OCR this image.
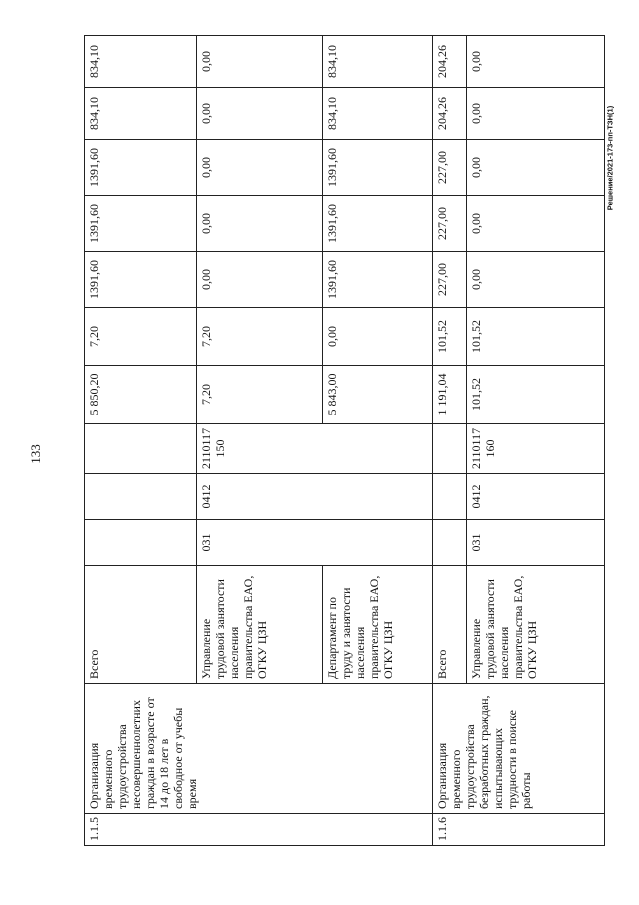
133
Решение/2021-173-пп-ТЗН(1)
1.1.5	Организация временного трудоустройства несовершеннолетних граждан в возрасте от 14 до 18 лет в свободное от учебы время	Всего				5 850,20	7,20	1391,60	1391,60	1391,60	834,10	834,10
		Управление трудовой занятости населения правительства ЕАО, ОГКУ ЦЗН	031	0412	2110117 150	7,20	7,20	0,00	0,00	0,00	0,00	0,00
		Департамент по труду и занятости населения правительства ЕАО, ОГКУ ЦЗН				5 843,00	0,00	1391,60	1391,60	1391,60	834,10	834,10
1.1.6	Организация временного трудоустройства безработных граждан, испытывающих трудности в поиске работы	Всего				1 191,04	101,52	227,00	227,00	227,00	204,26	204,26
		Управление трудовой занятости населения правительства ЕАО, ОГКУ ЦЗН	031	0412	2110117 160	101,52	101,52	0,00	0,00	0,00	0,00	0,00
